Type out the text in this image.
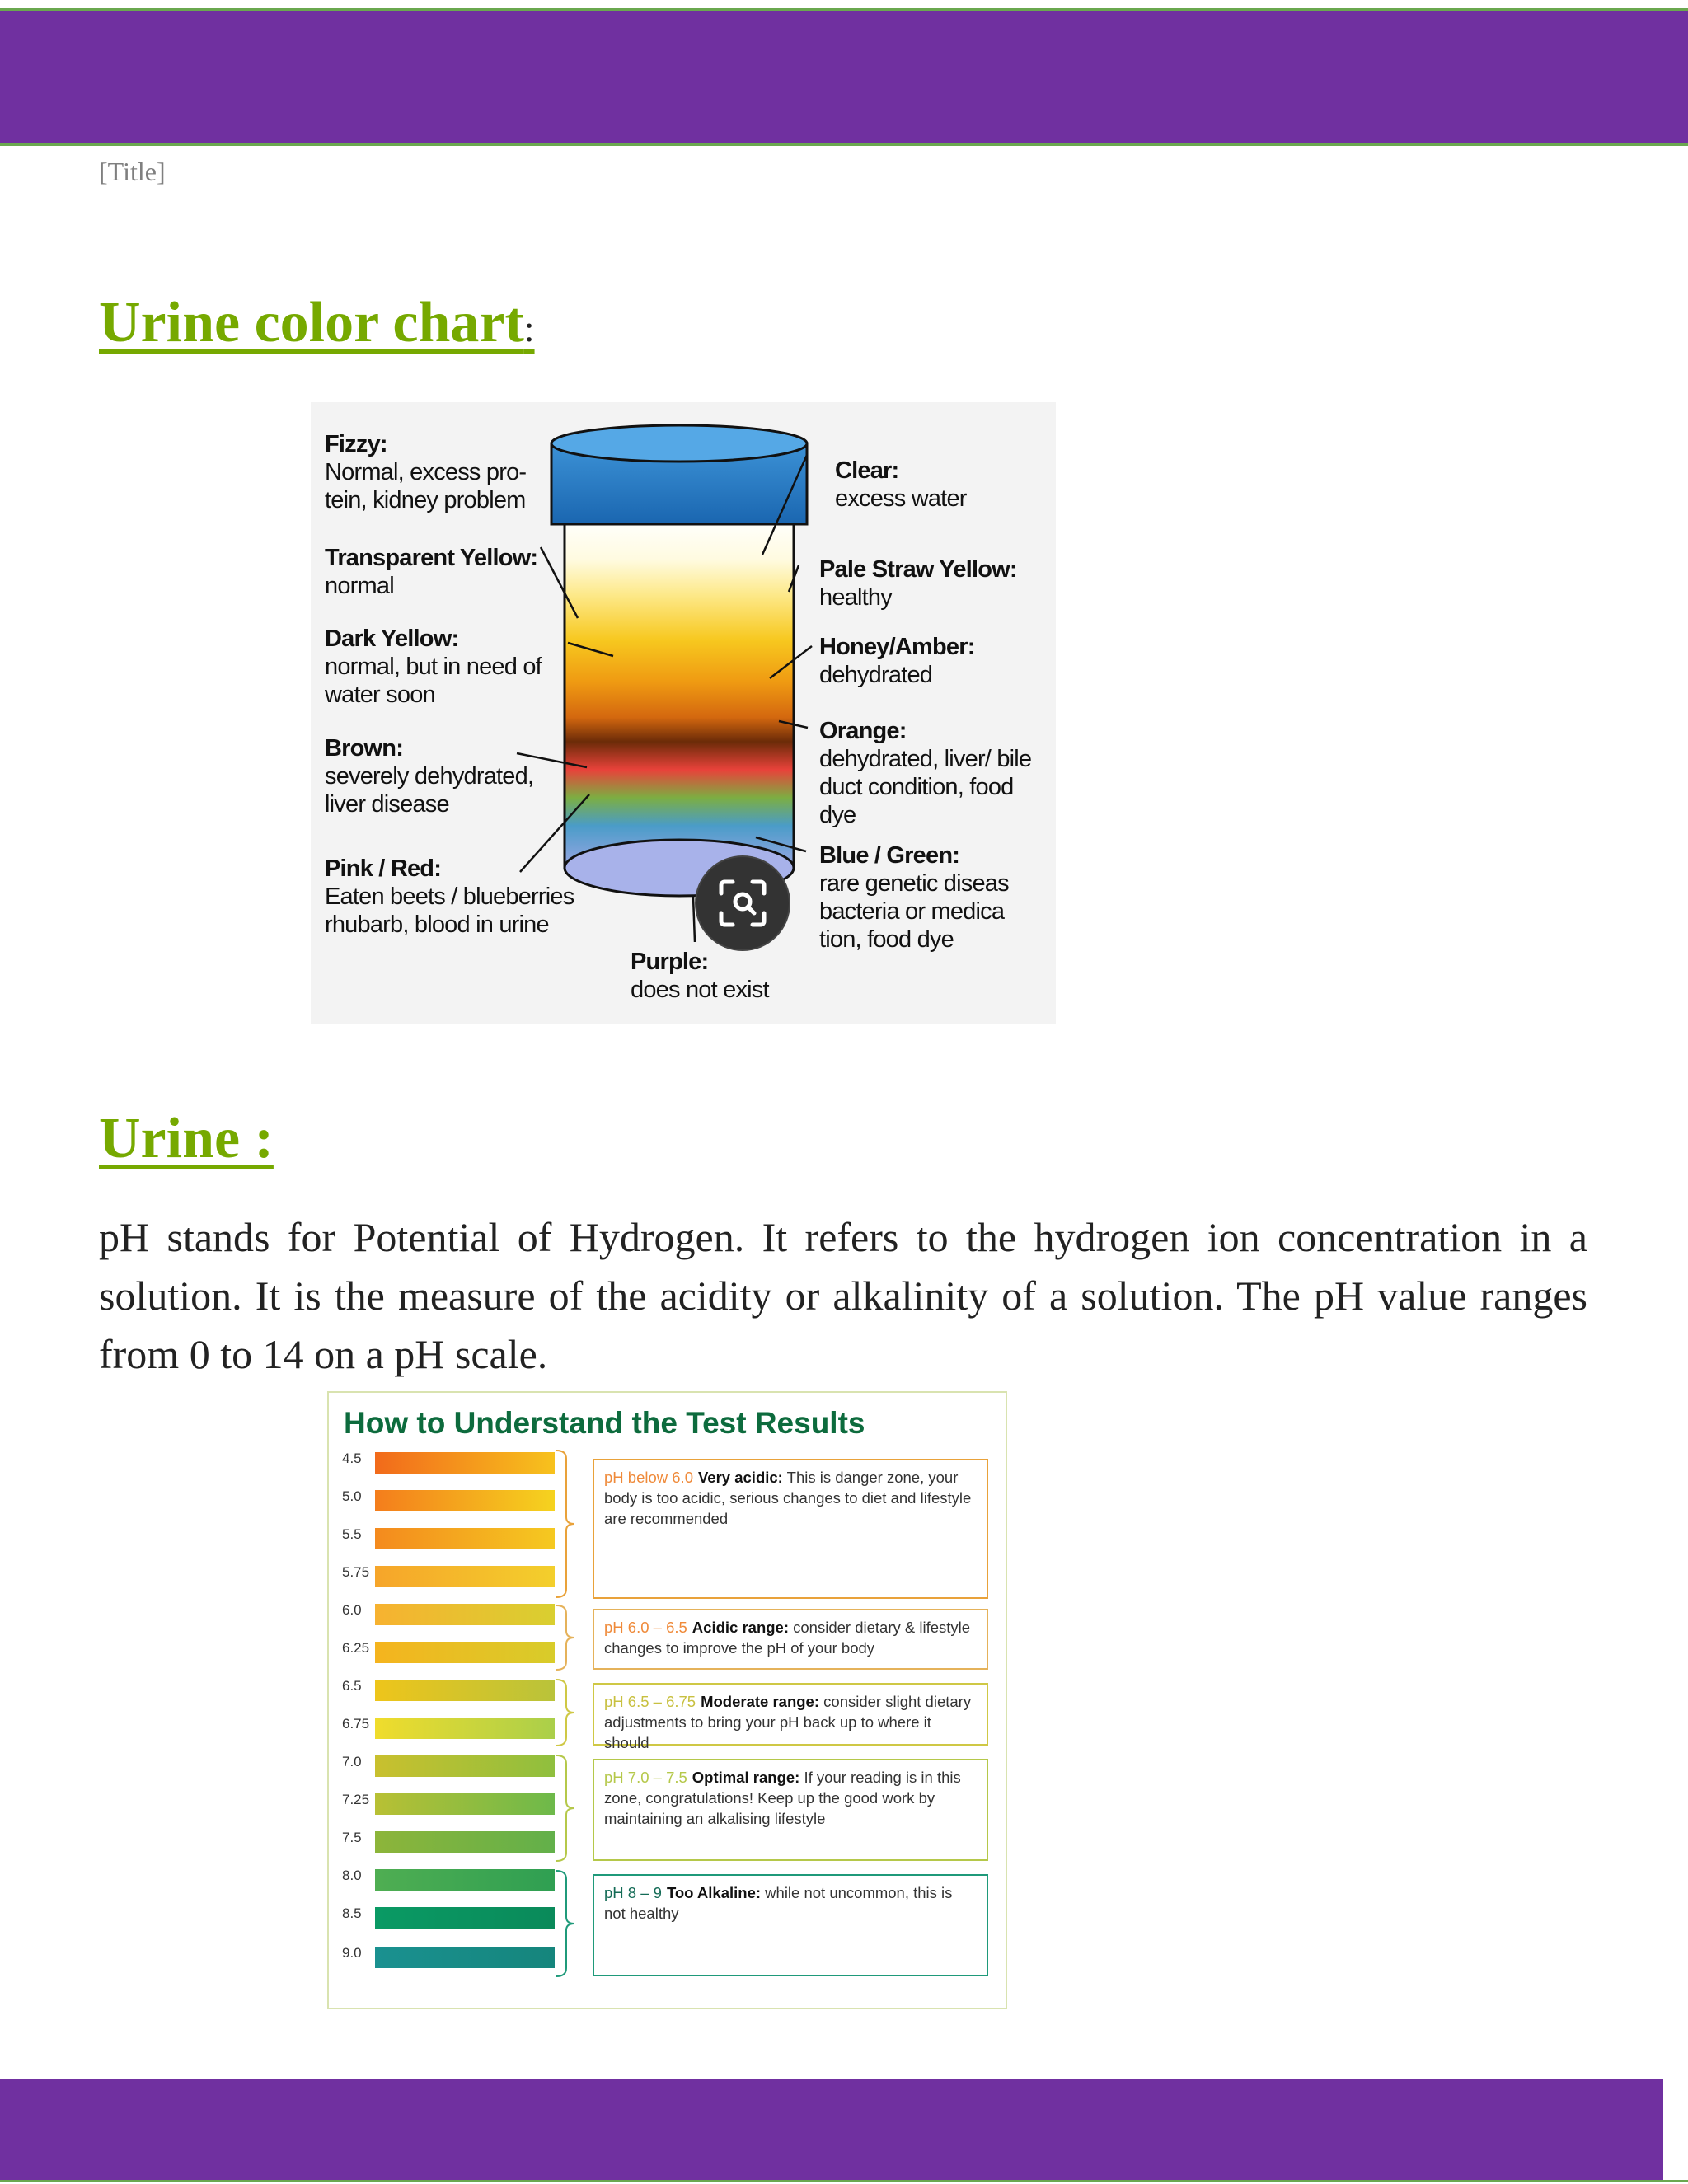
[Title]
Urine color chart:
Fizzy:
Normal, excess pro-
tein, kidney problem
Transparent Yellow:
normal
Dark Yellow:
normal, but in need of
water soon
Brown:
severely dehydrated,
liver disease
Pink / Red:
Eaten beets / blueberries
rhubarb, blood in urine
Clear:
excess water
Pale Straw Yellow:
healthy
Honey/Amber:
dehydrated
Orange:
dehydrated, liver/ bile
duct condition, food dye
Blue / Green:
rare genetic diseas
bacteria or medica
tion, food dye
Purple:
does not exist
Urine :
pH stands for Potential of Hydrogen. It refers to the hydrogen ion concentration in a solution. It is the measure of the acidity or alkalinity of a solution. The pH value ranges from 0 to 14 on a pH scale.
How to Understand the Test Results
4.5
5.0
5.5
5.75
6.0
6.25
6.5
6.75
7.0
7.25
7.5
8.0
8.5
9.0
pH below 6.0 Very acidic: This is danger zone, your body is too acidic, serious changes to diet and lifestyle are recommended
pH 6.0 – 6.5 Acidic range: consider dietary & lifestyle changes to improve the pH of your body
pH 6.5 – 6.75 Moderate range: consider slight dietary adjustments to bring your pH back up to where it should
pH 7.0 – 7.5 Optimal range: If your reading is in this zone, congratulations! Keep up the good work by maintaining an alkalising lifestyle
pH 8 – 9 Too Alkaline: while not uncommon, this is not healthy
